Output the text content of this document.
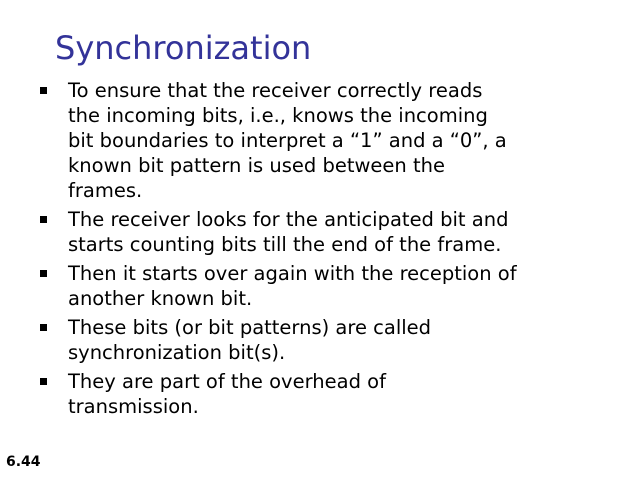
Synchronization
To ensure that the receiver correctly reads
the incoming bits, i.e., knows the incoming
bit boundaries to interpret a “1” and a “0”, a
known bit pattern is used between the
frames.
The receiver looks for the anticipated bit and
starts counting bits till the end of the frame.
Then it starts over again with the reception of
another known bit.
These bits (or bit patterns) are called
synchronization bit(s).
They are part of the overhead of
transmission.
6.44
